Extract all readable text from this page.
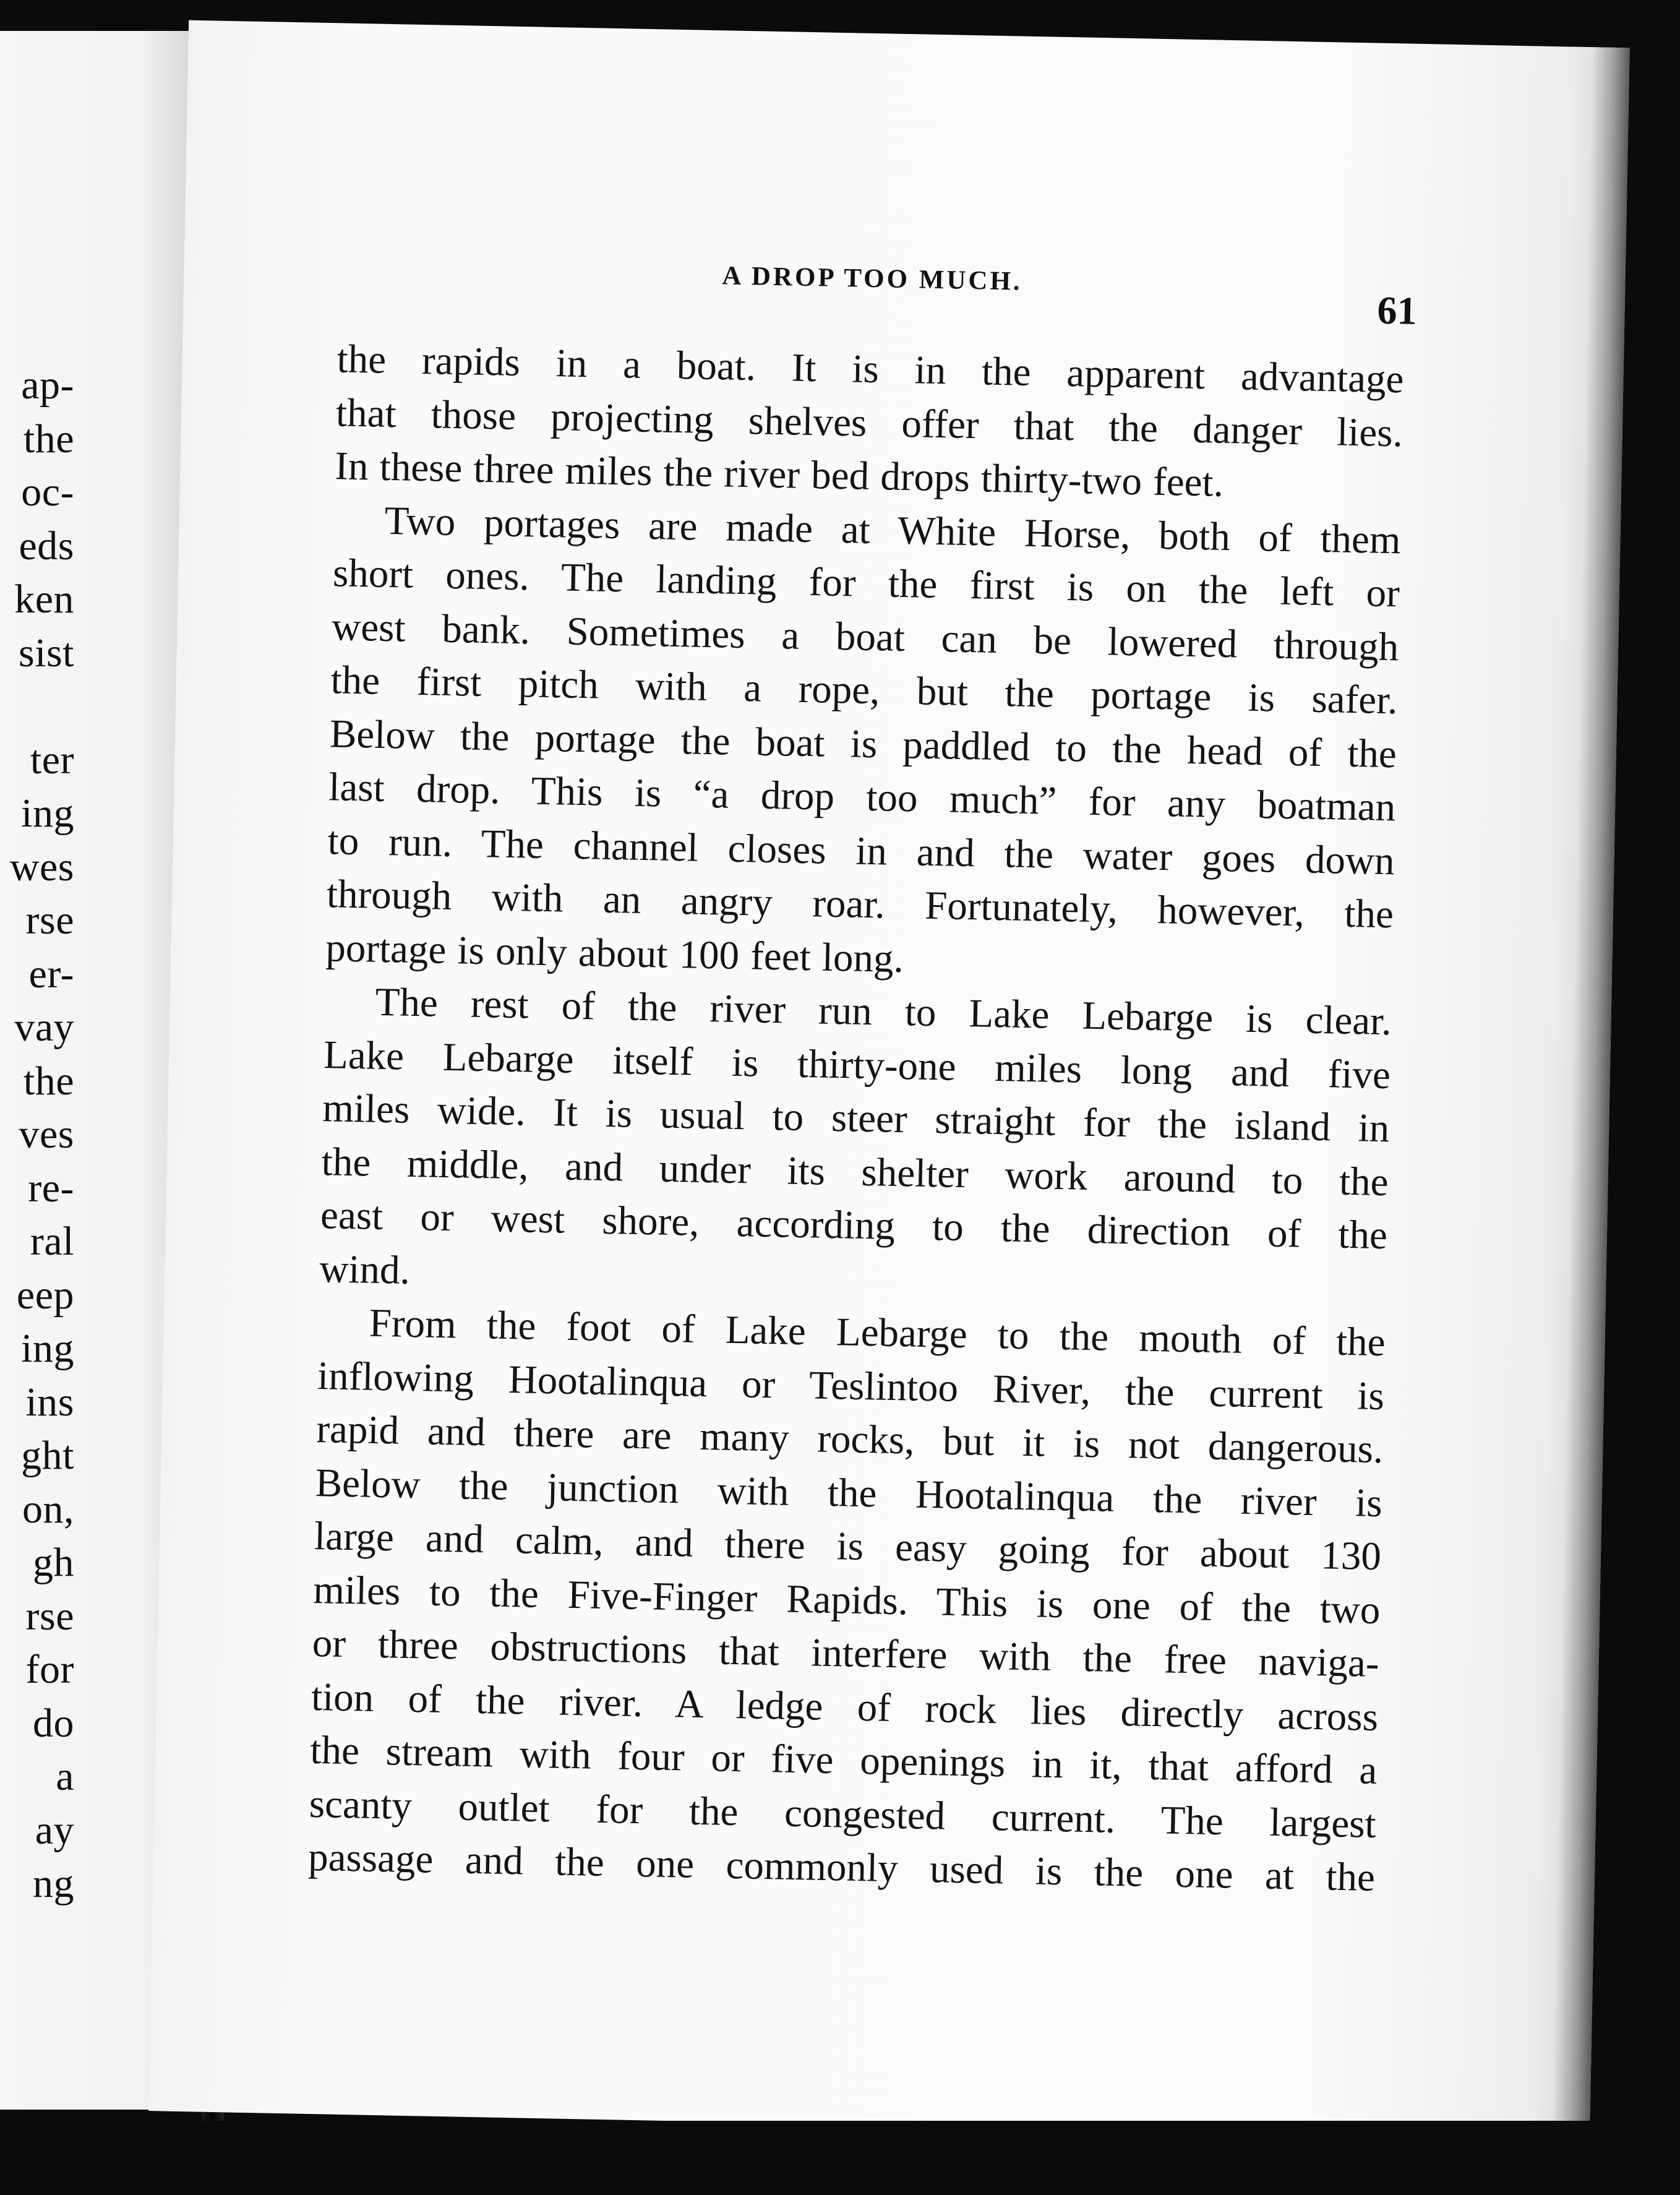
ap-
the
oc-
eds
ken
sist
ter
ing
wes
rse
er-
vay
the
ves
re-
ral
eep
ing
ins
ght
on,
gh
rse
for
do
a
ay
ng
A DROP TOO MUCH.
61
the rapids in a boat. It is in the apparent advantage
that those projecting shelves offer that the danger lies.
In these three miles the river bed drops thirty-two feet.
Two portages are made at White Horse, both of them
short ones. The landing for the first is on the left or
west bank. Sometimes a boat can be lowered through
the first pitch with a rope, but the portage is safer.
Below the portage the boat is paddled to the head of the
last drop. This is “a drop too much” for any boatman
to run. The channel closes in and the water goes down
through with an angry roar. Fortunately, however, the
portage is only about 100 feet long.
The rest of the river run to Lake Lebarge is clear.
Lake Lebarge itself is thirty-one miles long and five
miles wide. It is usual to steer straight for the island in
the middle, and under its shelter work around to the
east or west shore, according to the direction of the
wind.
From the foot of Lake Lebarge to the mouth of the
inflowing Hootalinqua or Teslintoo River, the current is
rapid and there are many rocks, but it is not dangerous.
Below the junction with the Hootalinqua the river is
large and calm, and there is easy going for about 130
miles to the Five-Finger Rapids. This is one of the two
or three obstructions that interfere with the free naviga-
tion of the river. A ledge of rock lies directly across
the stream with four or five openings in it, that afford a
scanty outlet for the congested current. The largest
passage and the one commonly used is the one at the
